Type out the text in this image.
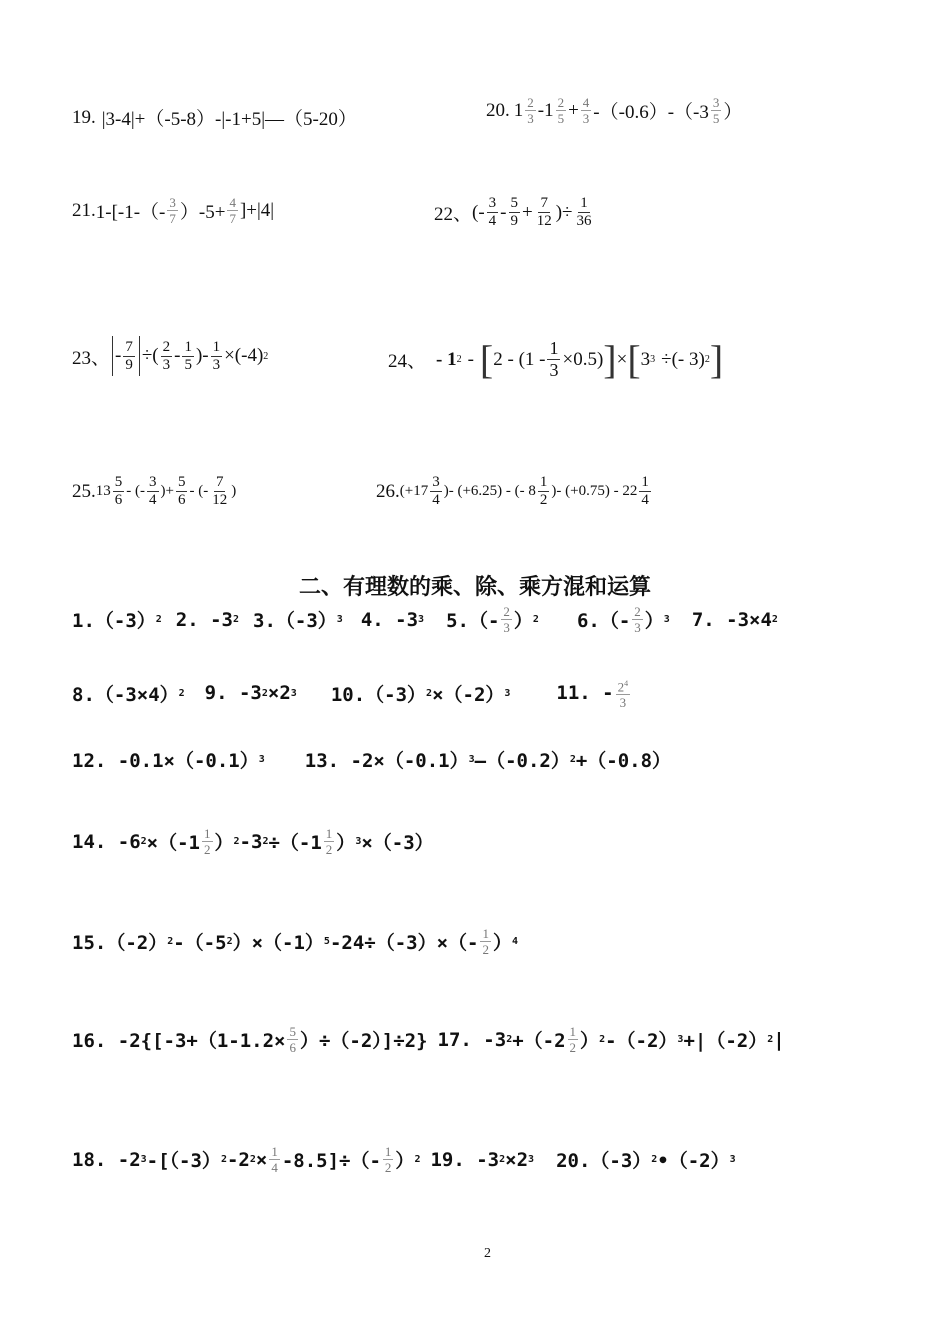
19. |3-4|+（-5-8）-|-1+5|—（5-20）	20. $1 \frac{2}{3} -1 \frac{2}{5} + \frac{4}{3} -(-0.6)-(-3 \frac{3}{5}$ ）
21. $1-[-1-(- \frac{3}{7} )-5+ \frac{4}{7} ]+|4|$	22、 (- $\frac{3}{4} - \frac{5}{9} + \frac{7}{12}$ )÷ $\frac{1}{36}$
23、 - $\frac{7}{9}$ ÷( $\frac{2}{3} - \frac{1}{5}$ )- $\frac{1}{3} \times(-4)$ 2	24、 - 1 2 - [ $2 - (1 - \frac{1}{3} \times 0.5)$ ] × [ 3 3 ÷(- 3) 2 ]
25. $13 \frac{5}{6}$ - (- $\frac{3}{4}$ )+ $\frac{5}{6}$ - (- $\frac{7}{12}$ )	26. ($+17 \frac{3}{4}$ )- (+6.25) - (- $8 \frac{1}{2}$ )- $(+0.75) - 22 \frac{1}{4}$
二、有理数的乘、除、乘方混和运算
1.（-3） 2 2. -3 2 3.（-3） 3 4. -3 3 $5.(- \frac{2}{3}$ ） 2 $6.(- \frac{2}{3}$ ） 3 7. -3×4 2
8.（-3×4） 2 9. -3 2 ×2 3 10.（-3） 2 ×（-2） 3 11. - $\frac{2^4}{3}$
12. -0.1×（-0.1） 3 13. -2×（-0.1） 3 —（-0.2） 2 +（-0.8）
14. -6 $2 \times(-1 \frac{1}{2}$ ） 2 -3 $2 \div(-1 \frac{1}{2}$ ） 3 ×（-3）
15.（-2） 2 -（-5 2 ）×（-1） 5 $-24\div(-3)\times(- \frac{1}{2}$ ） 4
16. $-2\{[-3+(1-1.2\times \frac{5}{6} )\div(-2)]\div 2\}$ 17. -3 $2 +(-2 \frac{1}{2}$ ） 2 -（-2） 3 +|（-2） 2 |
18. -2 3 -[（-3） 2 -2 $2 \times \frac{1}{4} -8.5]\div(- \frac{1}{2}$ ） 2 19. -3 2 ×2 3 20.（-3） 2 •（-2） 3
2
